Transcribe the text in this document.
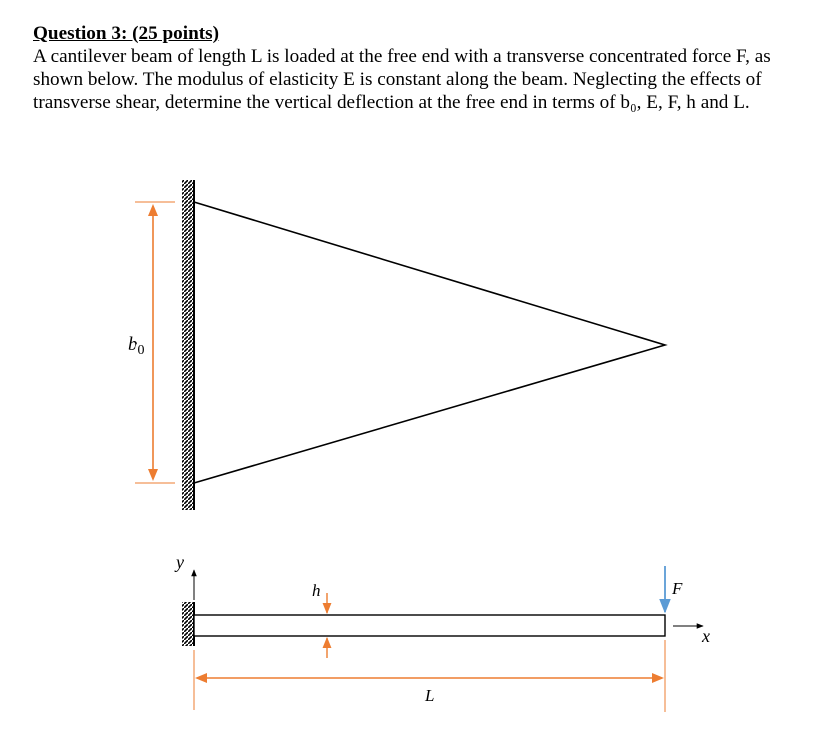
Question 3: (25 points)

A cantilever beam of length L is loaded at the free end with a transverse concentrated force F, as shown below. The modulus of elasticity E is constant along the beam. Neglecting the effects of transverse shear, determine the vertical deflection at the free end in terms of b₀, E, F, h and L.

$b_0$
y
x
h	F
L
